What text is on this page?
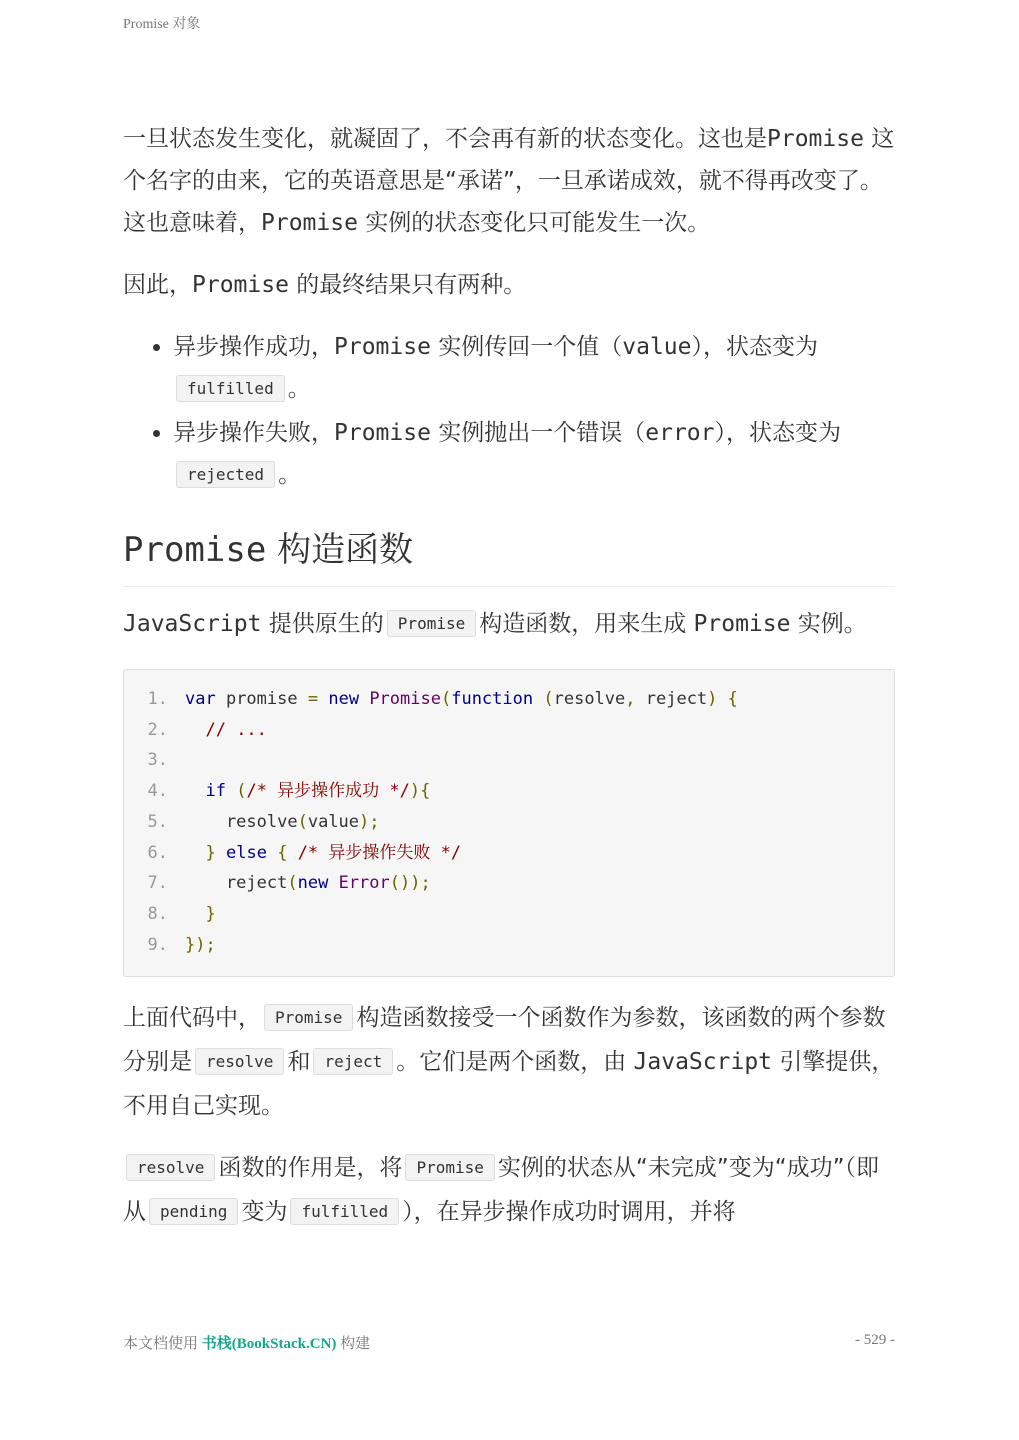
Promise 对象

一旦状态发生变化，就凝固了，不会再有新的状态变化。这也是Promise 这个名字的由来，它的英语意思是“承诺”，一旦承诺成效，就不得再改变了。这也意味着，Promise 实例的状态变化只可能发生一次。

因此，Promise 的最终结果只有两种。

• 异步操作成功，Promise 实例传回一个值（value），状态变为fulfilled 。
• 异步操作失败，Promise 实例抛出一个错误（error），状态变为rejected 。
Promise 构造函数

JavaScript 提供原生的 Promise 构造函数，用来生成 Promise 实例。

1. var promise = new Promise(function (resolve, reject) {
2. // ...
3.
4. if (/* 异步操作成功 */){
5.    resolve(value);
6. } else { /* 异步操作失败 */
7.    reject(new Error());
8. }
9. });

上面代码中， Promise 构造函数接受一个函数作为参数，该函数的两个参数分别是 resolve 和 reject 。它们是两个函数，由 JavaScript 引擎提供，不用自己实现。

resolve 函数的作用是，将 Promise 实例的状态从“未完成”变为“成功”（即从 pending 变为 fulfilled ），在异步操作成功时调用，并将

本文档使用 书栈(BookStack.CN) 构建	- 529 -
